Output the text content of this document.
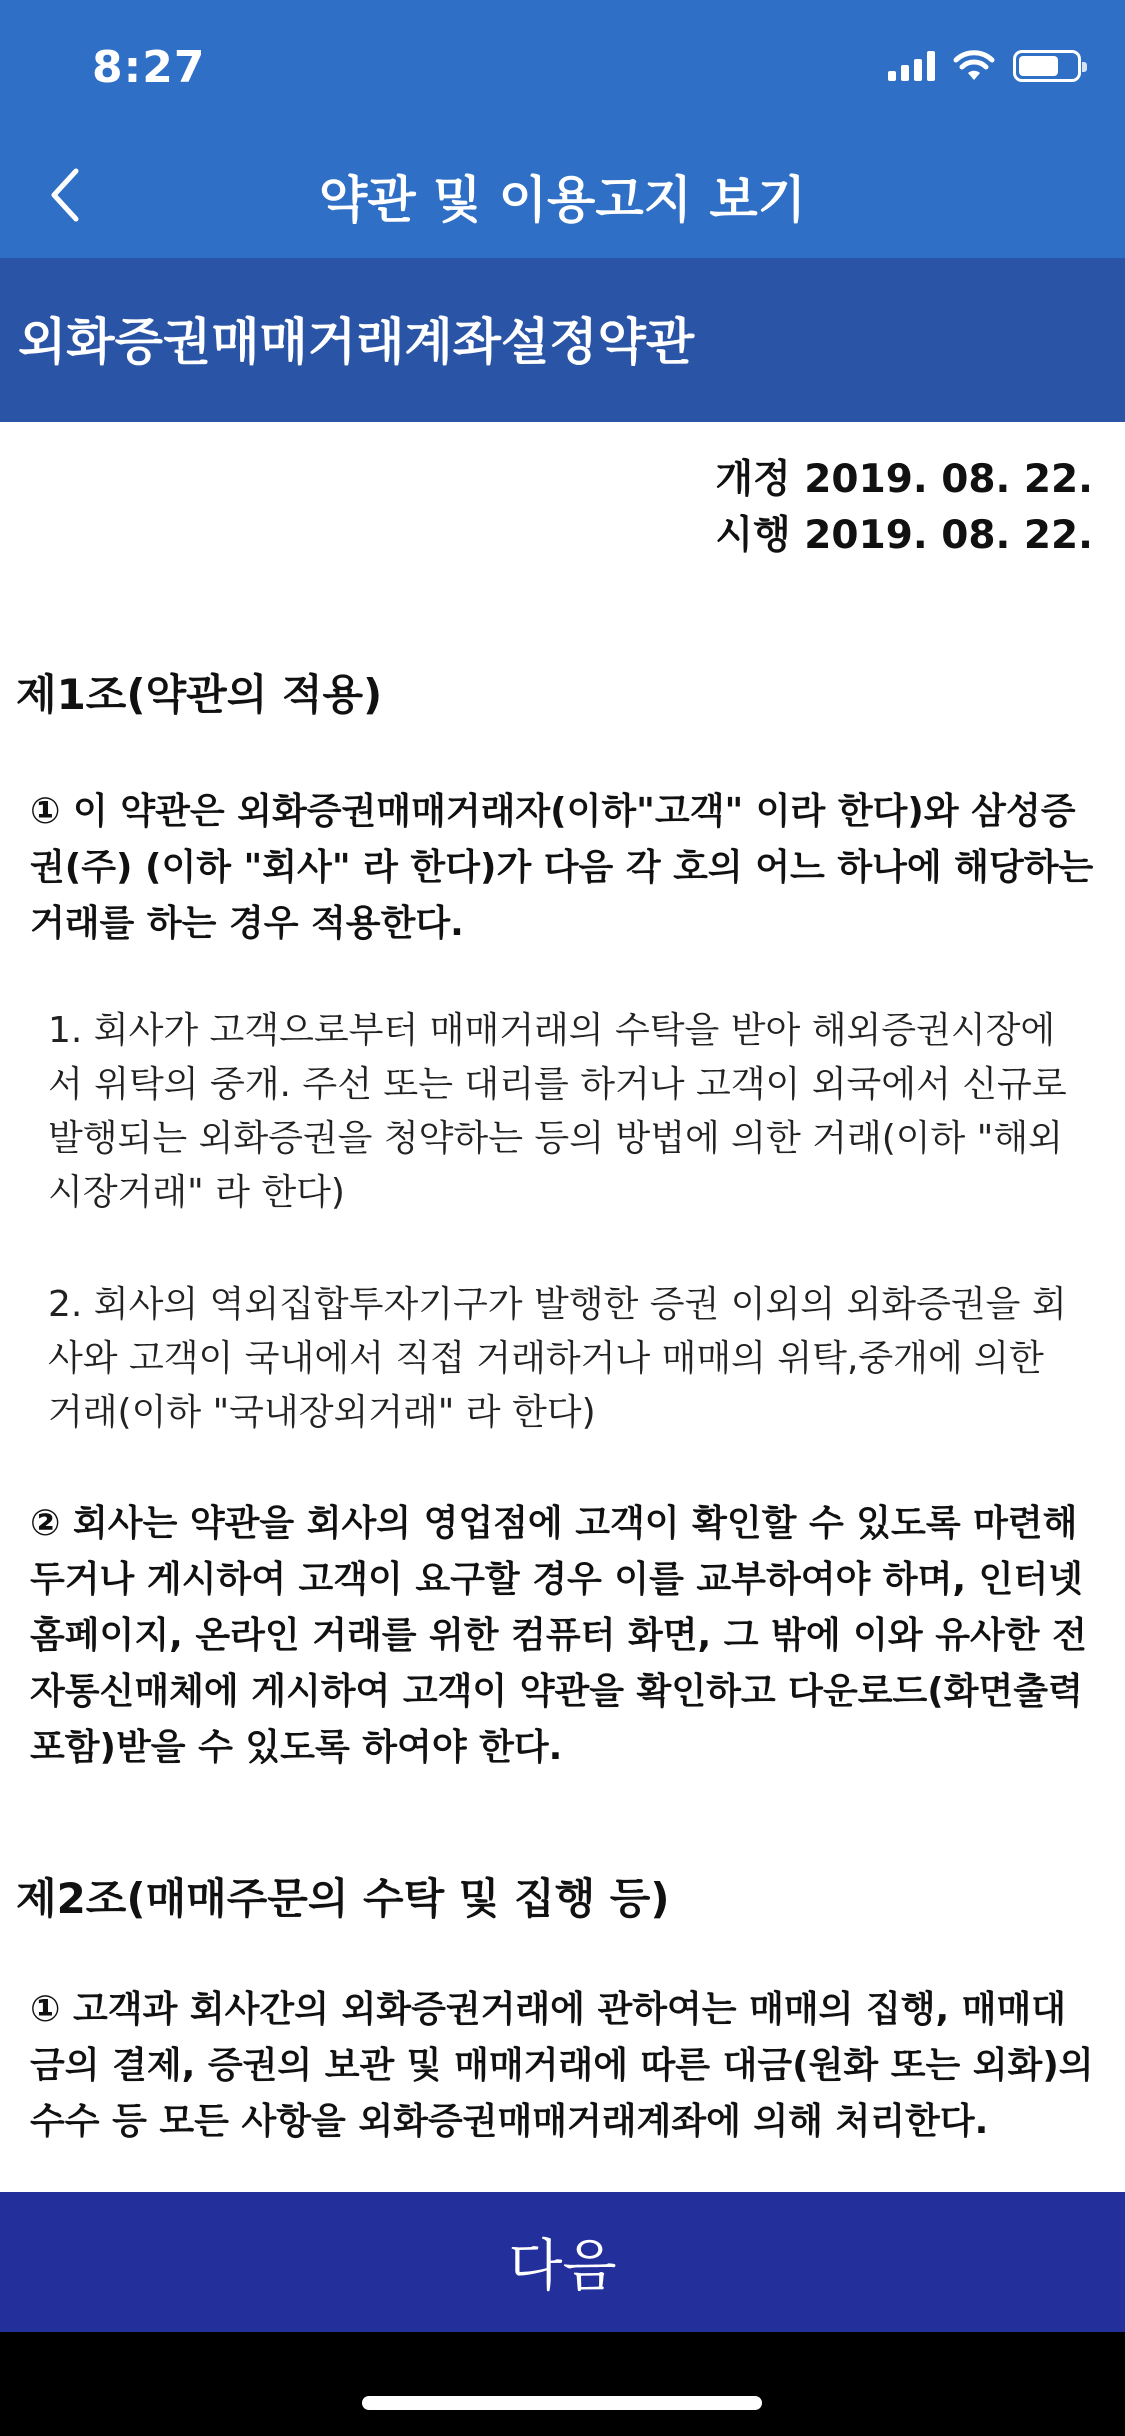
8:27
약관 및 이용고지 보기
외화증권매매거래계좌설정약관
개정 2019. 08. 22.
시행 2019. 08. 22.
제1조(약관의 적용)
① 이 약관은 외화증권매매거래자(이하"고객" 이라 한다)와 삼성증권(주) (이하 "회사" 라 한다)가 다음 각 호의 어느 하나에 해당하는 거래를 하는 경우 적용한다.
1. 회사가 고객으로부터 매매거래의 수탁을 받아 해외증권시장에서 위탁의 중개. 주선 또는 대리를 하거나 고객이 외국에서 신규로 발행되는 외화증권을 청약하는 등의 방법에 의한 거래(이하 "해외시장거래" 라 한다)
2. 회사의 역외집합투자기구가 발행한 증권 이외의 외화증권을 회사와 고객이 국내에서 직접 거래하거나 매매의 위탁,중개에 의한 거래(이하 "국내장외거래" 라 한다)
② 회사는 약관을 회사의 영업점에 고객이 확인할 수 있도록 마련해 두거나 게시하여 고객이 요구할 경우 이를 교부하여야 하며, 인터넷 홈페이지, 온라인 거래를 위한 컴퓨터 화면, 그 밖에 이와 유사한 전자통신매체에 게시하여 고객이 약관을 확인하고 다운로드(화면출력 포함)받을 수 있도록 하여야 한다.
제2조(매매주문의 수탁 및 집행 등)
① 고객과 회사간의 외화증권거래에 관하여는 매매의 집행, 매매대금의 결제, 증권의 보관 및 매매거래에 따른 대금(원화 또는 외화)의 수수 등 모든 사항을 외화증권매매거래계좌에 의해 처리한다.
다음
